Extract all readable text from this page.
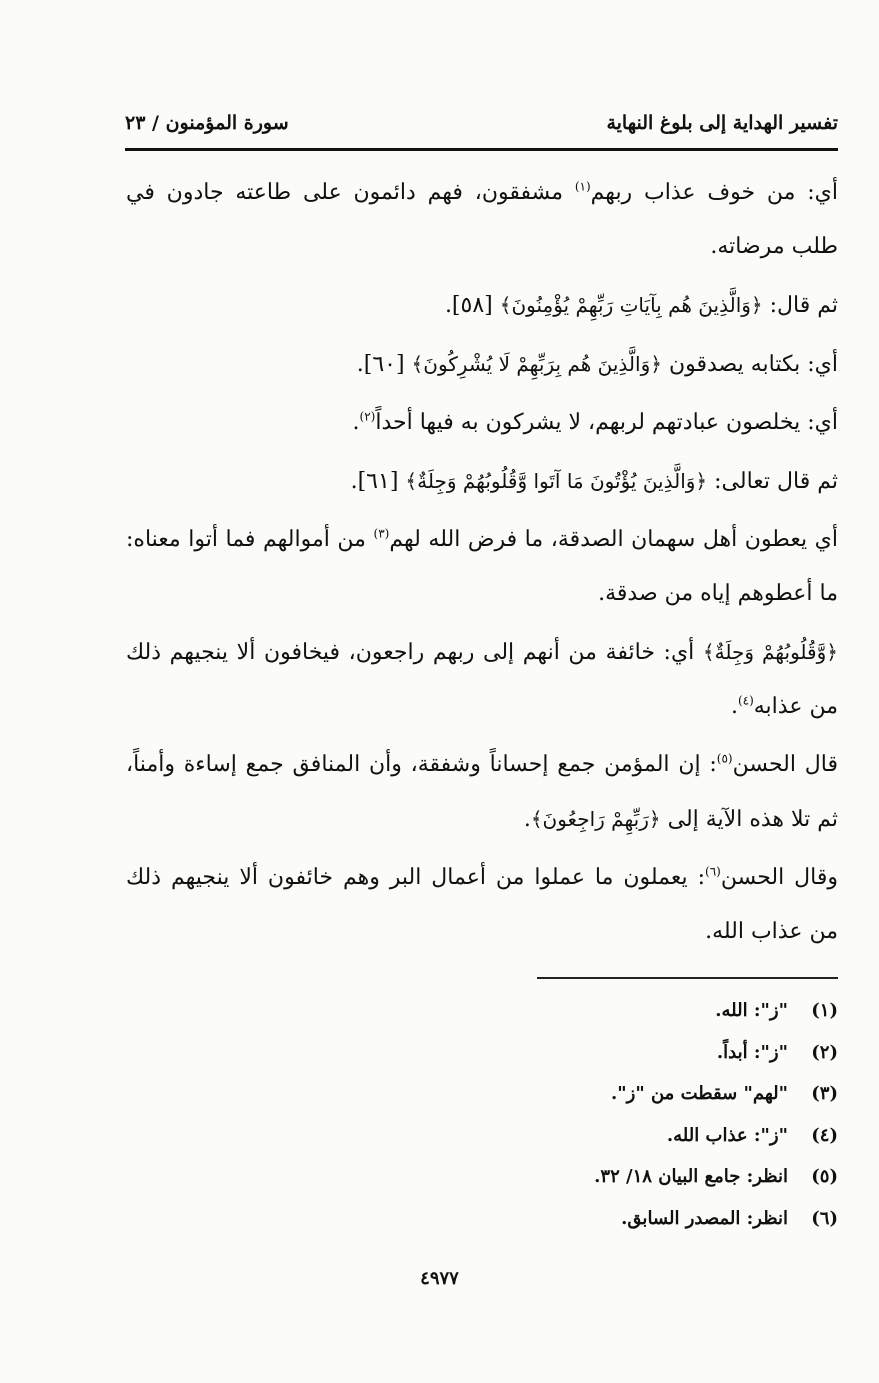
تفسير الهداية إلى بلوغ النهاية
سورة المؤمنون / ٢٣

أي: من خوف عذاب ربهم$^{(١)}$ مشفقون، فهم دائمون على طاعته جادون في طلب مرضاته.

ثم قال: ﴿وَالَّذِينَ هُم بِآيَاتِ رَبِّهِمْ يُؤْمِنُونَ﴾ [٥٨].

أي: بكتابه يصدقون ﴿وَالَّذِينَ هُم بِرَبِّهِمْ لَا يُشْرِكُونَ﴾ [٦٠].

أي: يخلصون عبادتهم لربهم، لا يشركون به فيها أحداً$^{(٢)}$.

ثم قال تعالى: ﴿وَالَّذِينَ يُؤْتُونَ مَا آتَوا وَّقُلُوبُهُمْ وَجِلَةٌ﴾ [٦١].

أي يعطون أهل سهمان الصدقة، ما فرض الله لهم$^{(٣)}$ من أموالهم فما أتوا معناه: ما أعطوهم إياه من صدقة.

﴿وَّقُلُوبُهُمْ وَجِلَةٌ﴾ أي: خائفة من أنهم إلى ربهم راجعون، فيخافون ألا ينجيهم ذلك من عذابه$^{(٤)}$.

قال الحسن$^{(٥)}$: إن المؤمن جمع إحساناً وشفقة، وأن المنافق جمع إساءة وأمناً، ثم تلا هذه الآية إلى ﴿رَبِّهِمْ رَاجِعُونَ﴾.

وقال الحسن$^{(٦)}$: يعملون ما عملوا من أعمال البر وهم خائفون ألا ينجيهم ذلك من عذاب الله.

(١)
"ز": الله.
(٢)
"ز": أبداً.
(٣)
"لهم" سقطت من "ز".
(٤)
"ز": عذاب الله.
(٥)
انظر: جامع البيان ١٨/ ٣٢.
(٦)
انظر: المصدر السابق.
٤٩٧٧
